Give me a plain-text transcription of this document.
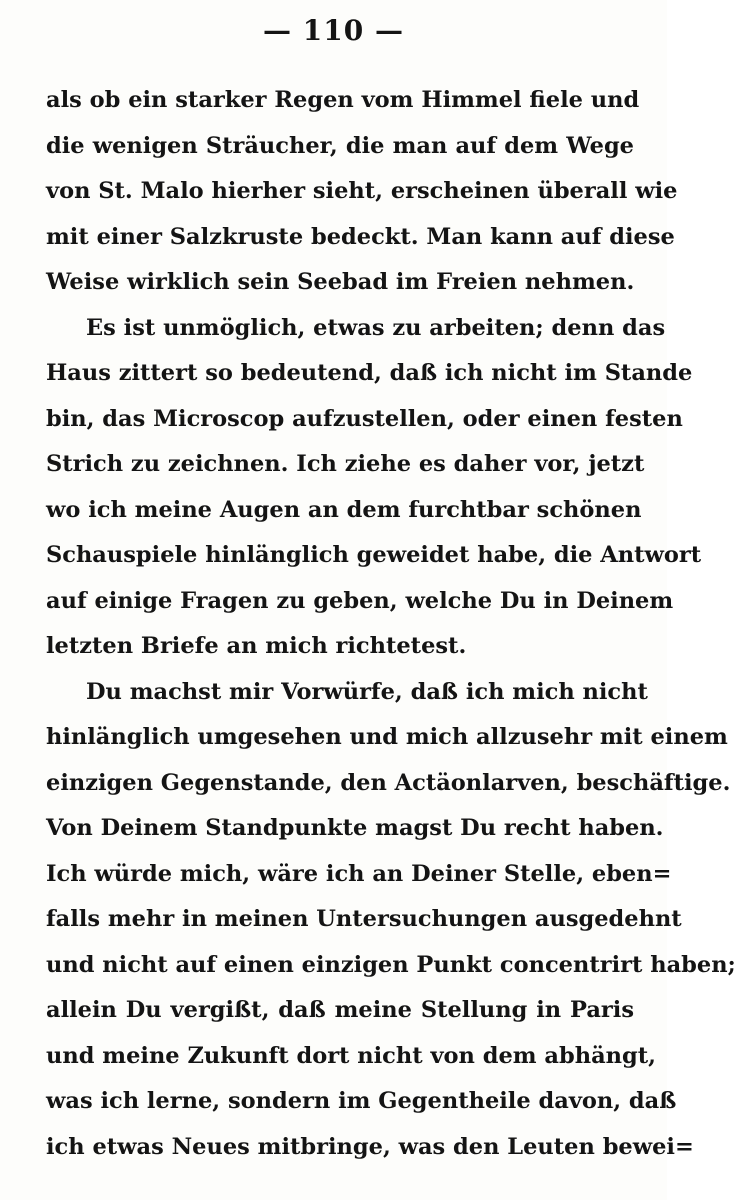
— 110 —
als ob ein starker Regen vom Himmel fiele und
die wenigen Sträucher, die man auf dem Wege
von St. Malo hierher sieht, erscheinen überall wie
mit einer Salzkruste bedeckt. Man kann auf diese
Weise wirklich sein Seebad im Freien nehmen.
Es ist unmöglich, etwas zu arbeiten; denn das
Haus zittert so bedeutend, daß ich nicht im Stande
bin, das Microscop aufzustellen, oder einen festen
Strich zu zeichnen. Ich ziehe es daher vor, jetzt
wo ich meine Augen an dem furchtbar schönen
Schauspiele hinlänglich geweidet habe, die Antwort
auf einige Fragen zu geben, welche Du in Deinem
letzten Briefe an mich richtetest.
Du machst mir Vorwürfe, daß ich mich nicht
hinlänglich umgesehen und mich allzusehr mit einem
einzigen Gegenstande, den Actäonlarven, beschäftige.
Von Deinem Standpunkte magst Du recht haben.
Ich würde mich, wäre ich an Deiner Stelle, eben=
falls mehr in meinen Untersuchungen ausgedehnt
und nicht auf einen einzigen Punkt concentrirt haben;
allein Du vergißt, daß meine Stellung in Paris
und meine Zukunft dort nicht von dem abhängt,
was ich lerne, sondern im Gegentheile davon, daß
ich etwas Neues mitbringe, was den Leuten bewei=
